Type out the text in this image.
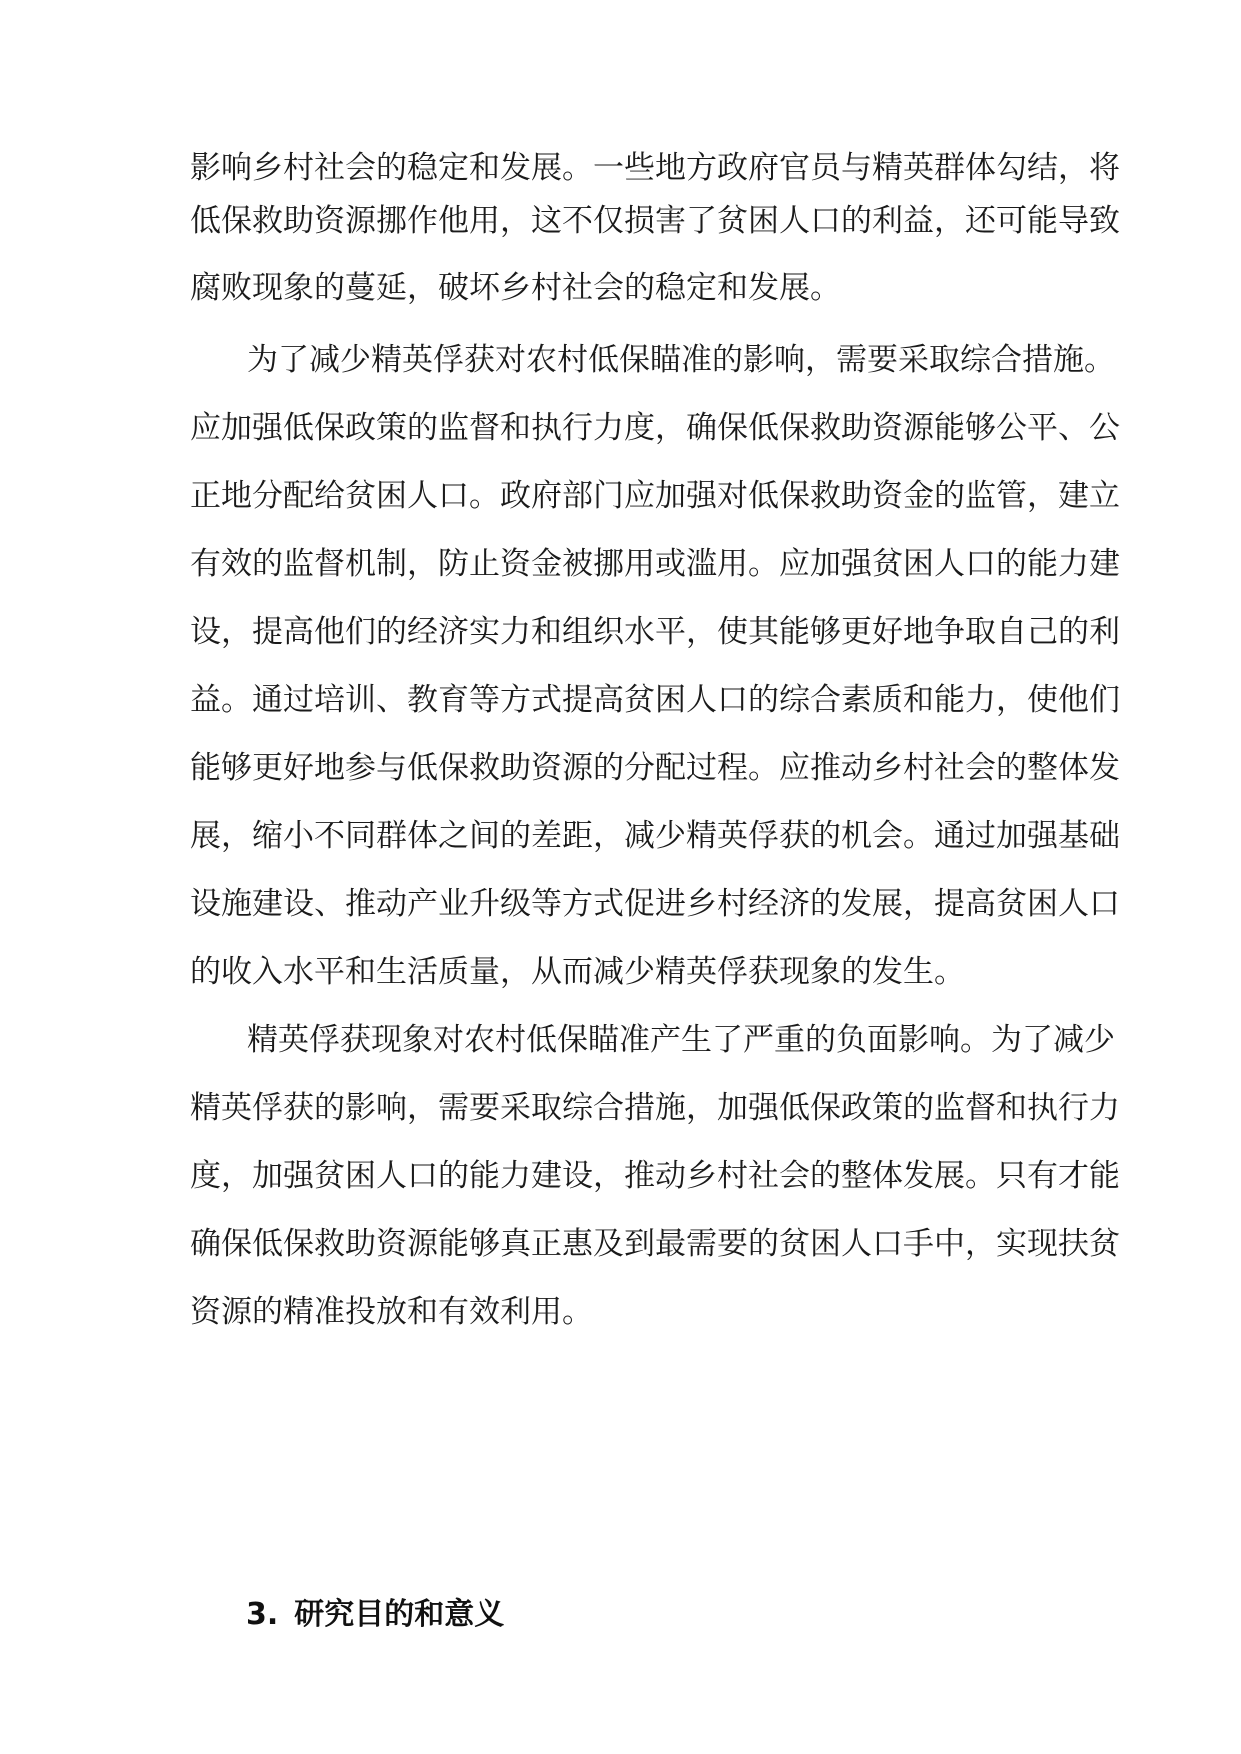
影响乡村社会的稳定和发展。一些地方政府官员与精英群体勾结，将
低保救助资源挪作他用，这不仅损害了贫困人口的利益，还可能导致
腐败现象的蔓延，破坏乡村社会的稳定和发展。
为了减少精英俘获对农村低保瞄准的影响，需要采取综合措施。
应加强低保政策的监督和执行力度，确保低保救助资源能够公平、公
正地分配给贫困人口。政府部门应加强对低保救助资金的监管，建立
有效的监督机制，防止资金被挪用或滥用。应加强贫困人口的能力建
设，提高他们的经济实力和组织水平，使其能够更好地争取自己的利
益。通过培训、教育等方式提高贫困人口的综合素质和能力，使他们
能够更好地参与低保救助资源的分配过程。应推动乡村社会的整体发
展，缩小不同群体之间的差距，减少精英俘获的机会。通过加强基础
设施建设、推动产业升级等方式促进乡村经济的发展，提高贫困人口
的收入水平和生活质量，从而减少精英俘获现象的发生。
精英俘获现象对农村低保瞄准产生了严重的负面影响。为了减少
精英俘获的影响，需要采取综合措施，加强低保政策的监督和执行力
度，加强贫困人口的能力建设，推动乡村社会的整体发展。只有才能
确保低保救助资源能够真正惠及到最需要的贫困人口手中，实现扶贫
资源的精准投放和有效利用。
3. 研究目的和意义
